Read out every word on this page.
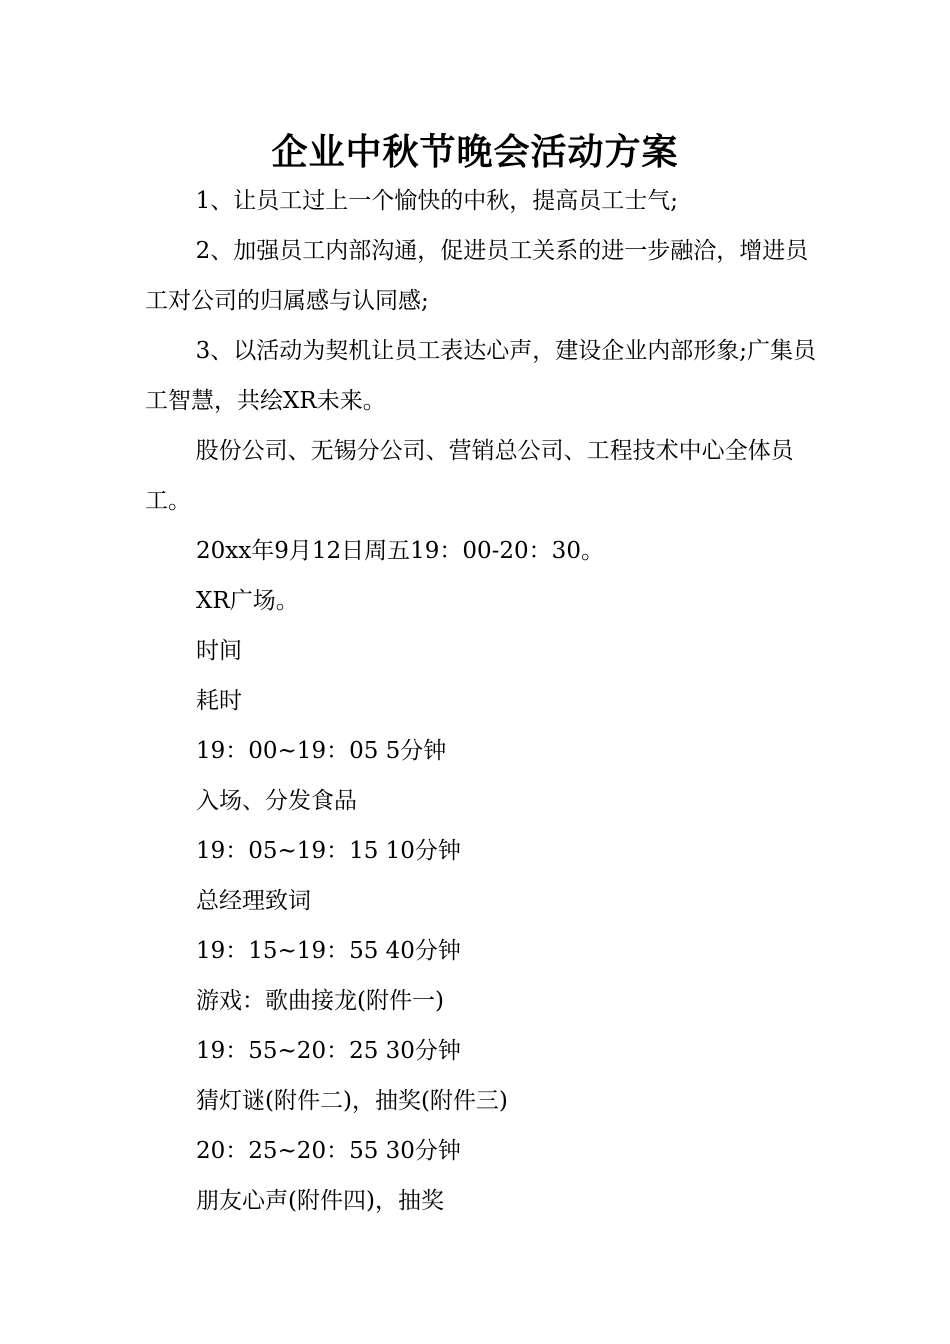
企业中秋节晚会活动方案

1、让员工过上一个愉快的中秋，提高员工士气;

2、加强员工内部沟通，促进员工关系的进一步融洽，增进员工对公司的归属感与认同感;

3、以活动为契机让员工表达心声，建设企业内部形象;广集员工智慧，共绘XR未来。

股份公司、无锡分公司、营销总公司、工程技术中心全体员工。

20xx年9月12日周五19：00-20：30。

XR广场。

时间

耗时

19：00~19：05 5分钟

入场、分发食品

19：05~19：15 10分钟

总经理致词

19：15~19：55 40分钟

游戏：歌曲接龙(附件一)

19：55~20：25 30分钟

猜灯谜(附件二)，抽奖(附件三)

20：25~20：55 30分钟

朋友心声(附件四)，抽奖
